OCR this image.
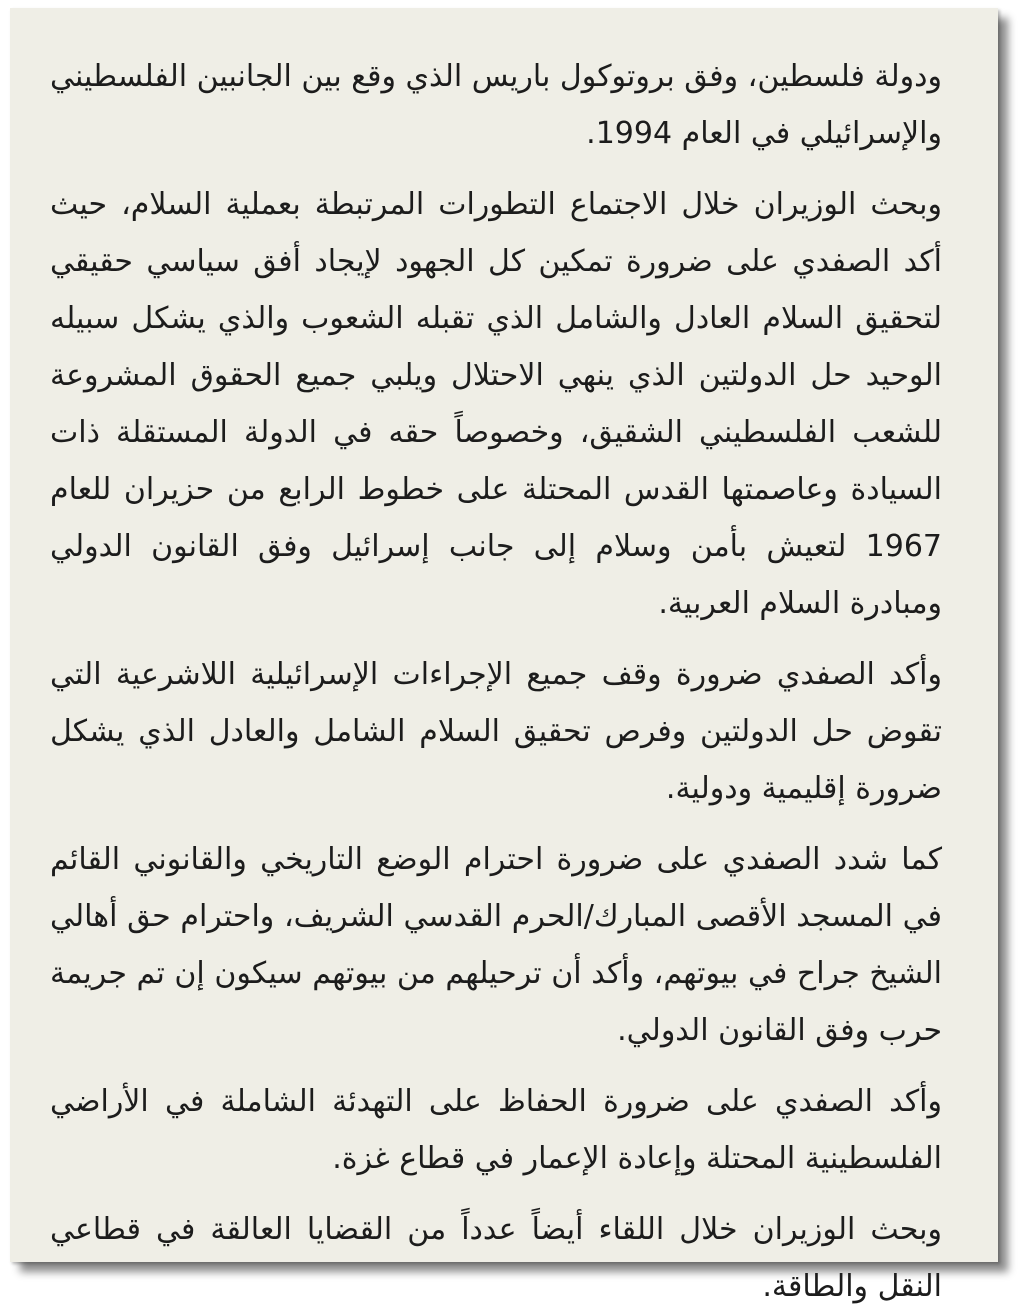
ودولة فلسطين، وفق بروتوكول باريس الذي وقع بين الجانبين الفلسطيني والإسرائيلي في العام 1994.

وبحث الوزيران خلال الاجتماع التطورات المرتبطة بعملية السلام، حيث أكد الصفدي على ضرورة تمكين كل الجهود لإيجاد أفق سياسي حقيقي لتحقيق السلام العادل والشامل الذي تقبله الشعوب والذي يشكل سبيله الوحيد حل الدولتين الذي ينهي الاحتلال ويلبي جميع الحقوق المشروعة للشعب الفلسطيني الشقيق، وخصوصاً حقه في الدولة المستقلة ذات السيادة وعاصمتها القدس المحتلة على خطوط الرابع من حزيران للعام 1967 لتعيش بأمن وسلام إلى جانب إسرائيل وفق القانون الدولي ومبادرة السلام العربية.

وأكد الصفدي ضرورة وقف جميع الإجراءات الإسرائيلية اللاشرعية التي تقوض حل الدولتين وفرص تحقيق السلام الشامل والعادل الذي يشكل ضرورة إقليمية ودولية.

كما شدد الصفدي على ضرورة احترام الوضع التاريخي والقانوني القائم في المسجد الأقصى المبارك/الحرم القدسي الشريف، واحترام حق أهالي الشيخ جراح في بيوتهم، وأكد أن ترحيلهم من بيوتهم سيكون إن تم جريمة حرب وفق القانون الدولي.

وأكد الصفدي على ضرورة الحفاظ على التهدئة الشاملة في الأراضي الفلسطينية المحتلة وإعادة الإعمار في قطاع غزة.

وبحث الوزيران خلال اللقاء أيضاً عدداً من القضايا العالقة في قطاعي النقل والطاقة.
